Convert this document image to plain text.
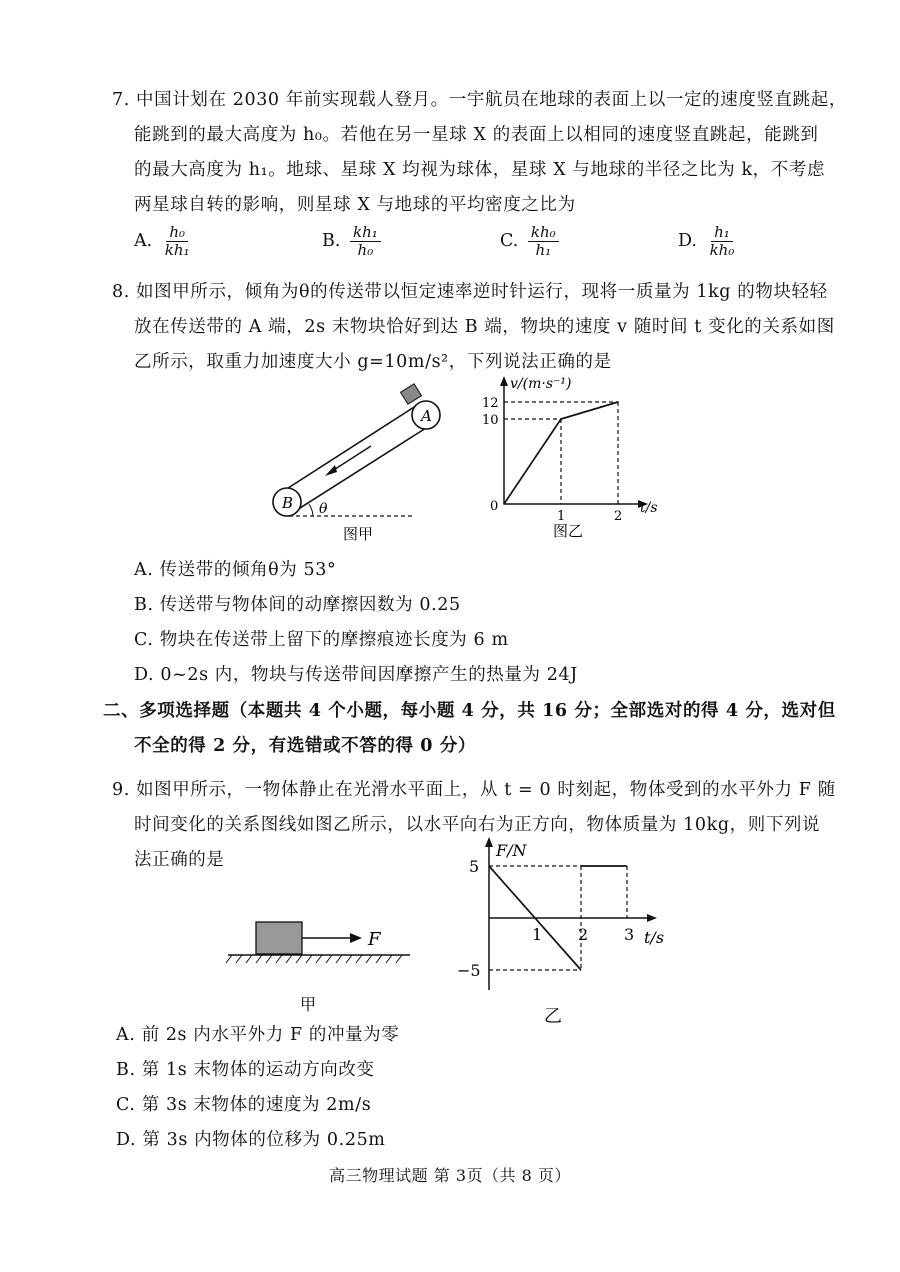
7. 中国计划在 2030 年前实现载人登月。一宇航员在地球的表面上以一定的速度竖直跳起，
能跳到的最大高度为 h₀。若他在另一星球 X 的表面上以相同的速度竖直跳起，能跳到
的最大高度为 h₁。地球、星球 X 均视为球体，星球 X 与地球的半径之比为 k，不考虑
两星球自转的影响，则星球 X 与地球的平均密度之比为
A. $\frac{\text{h₀}}{\text{kh₁}}$	B. $\frac{\text{kh₁}}{\text{h₀}}$	C. $\frac{\text{kh₀}}{\text{h₁}}$	D. $\frac{\text{h₁}}{\text{kh₀}}$
8. 如图甲所示，倾角为θ的传送带以恒定速率逆时针运行，现将一质量为 1kg 的物块轻轻
放在传送带的 A 端，2s 末物块恰好到达 B 端，物块的速度 v 随时间 t 变化的关系如图
乙所示，取重力加速度大小 g=10m/s²，下列说法正确的是
B
A
θ
图甲
v/(m·s⁻¹)
t/s
1	2
10
12
0
图乙
A. 传送带的倾角θ为 53°
B. 传送带与物体间的动摩擦因数为 0.25
C. 物块在传送带上留下的摩擦痕迹长度为 6 m
D. 0~2s 内，物块与传送带间因摩擦产生的热量为 24J
二、多项选择题（本题共 4 个小题，每小题 4 分，共 16 分；全部选对的得 4 分，选对但
不全的得 2 分，有选错或不答的得 0 分）
9. 如图甲所示，一物体静止在光滑水平面上，从 t = 0 时刻起，物体受到的水平外力 F 随
时间变化的关系图线如图乙所示，以水平向右为正方向，物体质量为 10kg，则下列说
法正确的是
F
甲
F/N
t/s
1 2 3
5
−5
乙
A. 前 2s 内水平外力 F 的冲量为零
B. 第 1s 末物体的运动方向改变
C. 第 3s 末物体的速度为 2m/s
D. 第 3s 内物体的位移为 0.25m
高三物理试题 第 3页（共 8 页）
